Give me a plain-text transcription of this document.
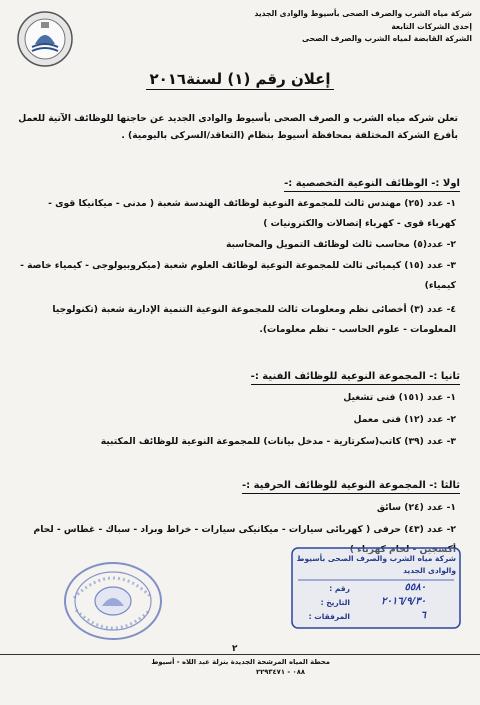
شركة مياه الشرب والصرف الصحى بأسيوط والوادى الجديد
إحدى الشركات التابعة
الشركة القابضة لمياه الشرب والصرف الصحى
إعلان رقم (١) لسنة٢٠١٦
تعلن شركه مياه الشرب و الصرف الصحى بأسيوط والوادى الجديد عن حاجتها للوظائف الآتية للعمل بأفرع الشركة المختلفة بمحافظة أسيوط بنظام (التعاقد/السركى باليومية) .
اولا :- الوظائف النوعية التخصصية :-
١- عدد (٢٥) مهندس ثالث للمجموعة النوعية لوظائف الهندسة شعبة ( مدنى - ميكانيكا قوى - كهرباء قوى - كهرباء إتصالات والكترونيات )
٢- عدد(٥) محاسب ثالث لوظائف التمويل والمحاسبة
٣- عدد (١٥) كيميائى ثالث للمجموعة النوعية لوظائف العلوم شعبة (ميكروبيولوجى - كيمياء خاصة - كيمياء)
٤- عدد (٣) أخصائى نظم ومعلومات ثالث للمجموعة النوعية التنمية الإدارية شعبة (تكنولوجيا المعلومات - علوم الحاسب - نظم معلومات).
ثانيا :- المجموعة النوعية للوظائف الفنية :-
١- عدد (١٥١) فنى تشغيل
٢- عدد (١٢) فنى معمل
٣- عدد (٣٩) كاتب(سكرتارية - مدخل بيانات) للمجموعة النوعية للوظائف المكتبية
ثالثا :- المجموعة النوعية للوظائف الحرفية :-
١- عدد (٢٤) سائق
٢- عدد (٤٣) حرفى ( كهربائى سيارات - ميكانيكى سيارات - خراط وبراد - سباك - غطاس - لحام
شركة مياه الشرب والصرف الصحى بأسيوط
والوادى الجديد
رقم :	٥٥٨٠
التاريخ :	٢٠١٦/٩/٣٠
المرفقات :	٦
٢
محطة المياه المرشحة الجديدة بنزلة عبد اللاه - أسيوط
٠٨٨ - ٢٢٩٣٤٧١
